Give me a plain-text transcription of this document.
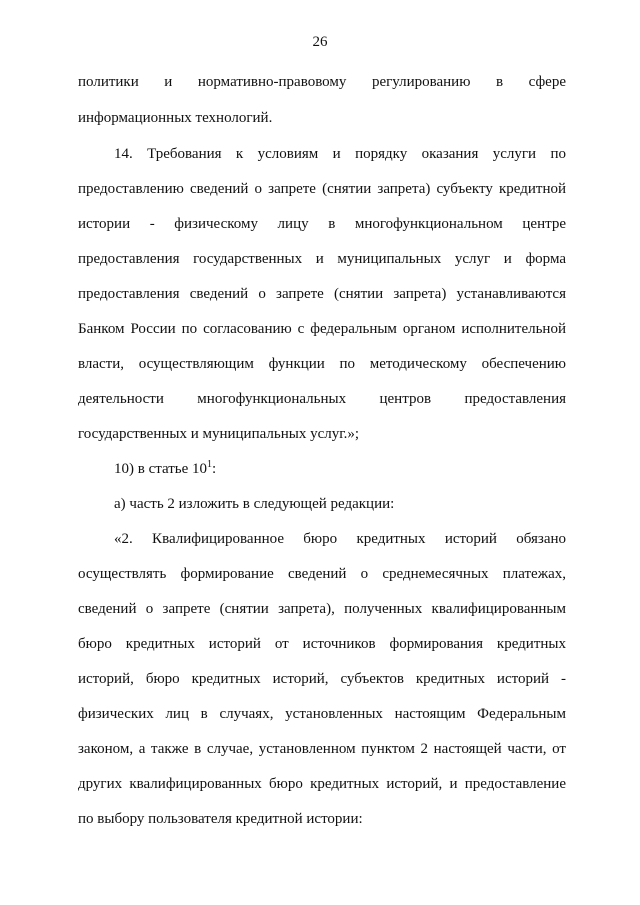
26
политики и нормативно-правовому регулированию в сфере
информационных технологий.
14. Требования к условиям и порядку оказания услуги по
предоставлению сведений о запрете (снятии запрета) субъекту кредитной
истории - физическому лицу в многофункциональном центре
предоставления государственных и муниципальных услуг и форма
предоставления сведений о запрете (снятии запрета) устанавливаются
Банком России по согласованию с федеральным органом исполнительной
власти, осуществляющим функции по методическому обеспечению
деятельности многофункциональных центров предоставления
государственных и муниципальных услуг.»;
10) в статье $10^1$:
а) часть 2 изложить в следующей редакции:
«2. Квалифицированное бюро кредитных историй обязано
осуществлять формирование сведений о среднемесячных платежах,
сведений о запрете (снятии запрета), полученных квалифицированным
бюро кредитных историй от источников формирования кредитных
историй, бюро кредитных историй, субъектов кредитных историй -
физических лиц в случаях, установленных настоящим Федеральным
законом, а также в случае, установленном пунктом 2 настоящей части, от
других квалифицированных бюро кредитных историй, и предоставление
по выбору пользователя кредитной истории:
